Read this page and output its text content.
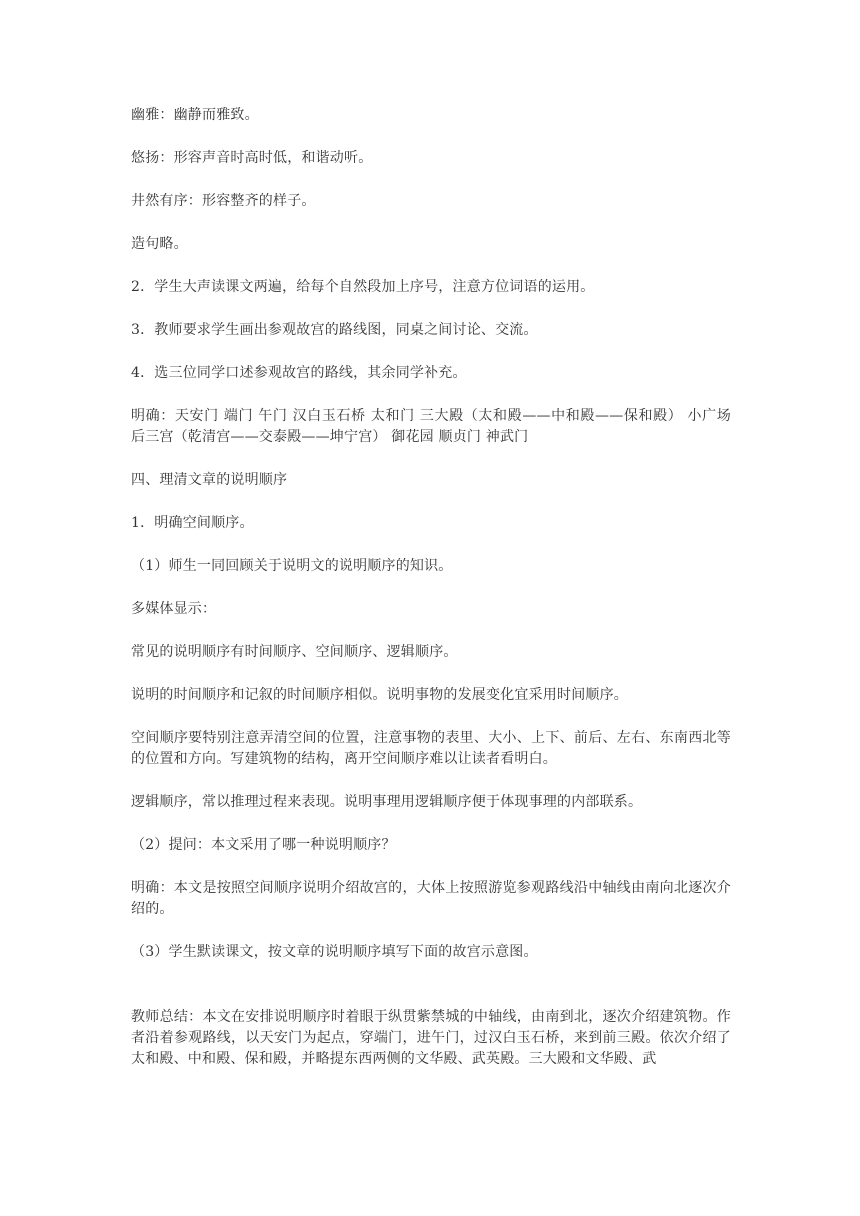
幽雅：幽静而雅致。

悠扬：形容声音时高时低，和谐动听。

井然有序：形容整齐的样子。

造句略。

2．学生大声读课文两遍，给每个自然段加上序号，注意方位词语的运用。

3．教师要求学生画出参观故宫的路线图，同桌之间讨论、交流。

4．选三位同学口述参观故宫的路线，其余同学补充。

明确：天安门 端门 午门 汉白玉石桥 太和门 三大殿（太和殿——中和殿——保和殿） 小广场 后三宫（乾清宫——交泰殿——坤宁宫） 御花园 顺贞门 神武门

四、理清文章的说明顺序

1．明确空间顺序。

（1）师生一同回顾关于说明文的说明顺序的知识。

多媒体显示：

常见的说明顺序有时间顺序、空间顺序、逻辑顺序。

说明的时间顺序和记叙的时间顺序相似。说明事物的发展变化宜采用时间顺序。

空间顺序要特别注意弄清空间的位置，注意事物的表里、大小、上下、前后、左右、东南西北等的位置和方向。写建筑物的结构，离开空间顺序难以让读者看明白。

逻辑顺序，常以推理过程来表现。说明事理用逻辑顺序便于体现事理的内部联系。

（2）提问：本文采用了哪一种说明顺序？

明确：本文是按照空间顺序说明介绍故宫的，大体上按照游览参观路线沿中轴线由南向北逐次介绍的。

（3）学生默读课文，按文章的说明顺序填写下面的故宫示意图。

教师总结：本文在安排说明顺序时着眼于纵贯紫禁城的中轴线，由南到北，逐次介绍建筑物。作者沿着参观路线，以天安门为起点，穿端门，进午门，过汉白玉石桥，来到前三殿。依次介绍了太和殿、中和殿、保和殿，并略提东西两侧的文华殿、武英殿。三大殿和文华殿、武
